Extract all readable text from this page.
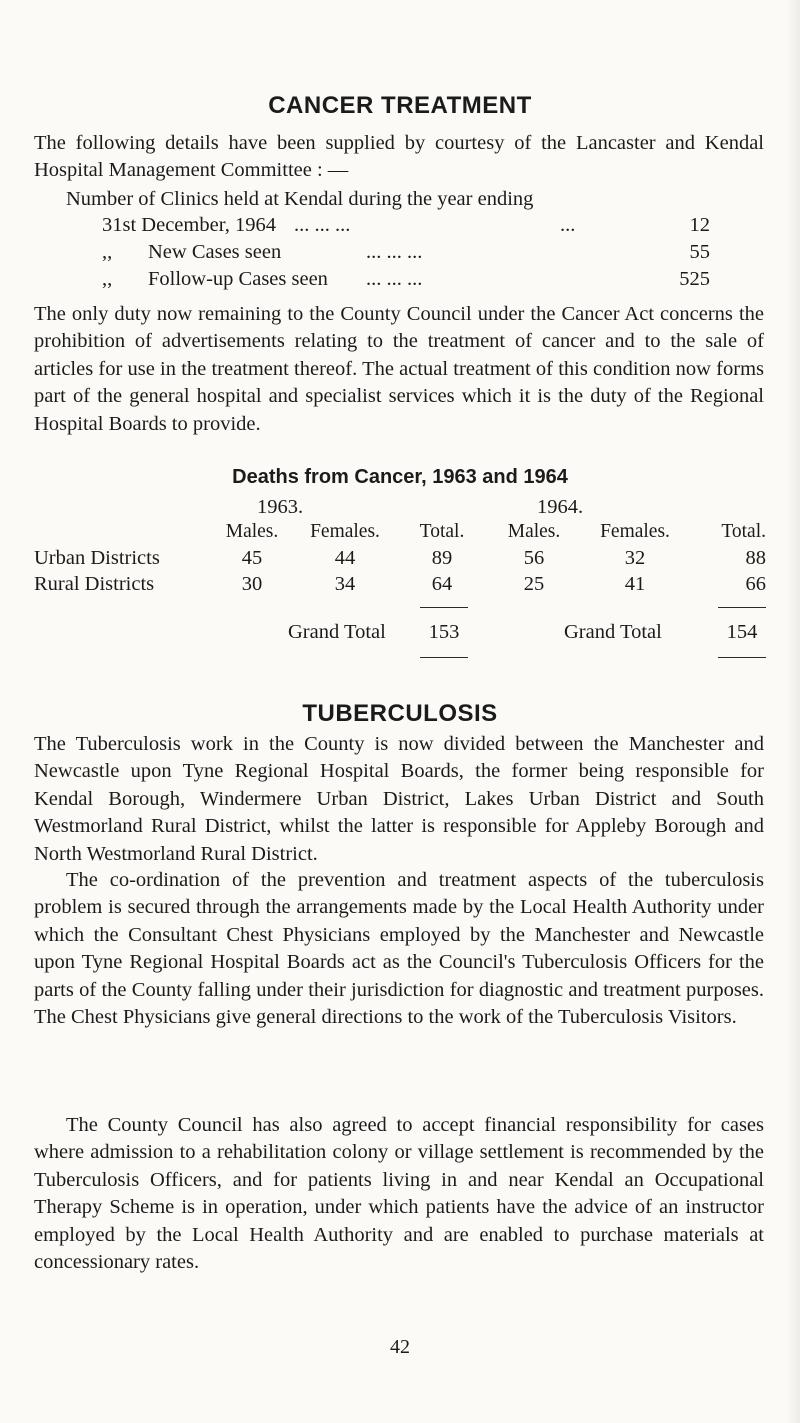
CANCER TREATMENT

The following details have been supplied by courtesy of the Lancaster and Kendal Hospital Management Committee : —

Number of Clinics held at Kendal during the year ending
31st December, 1964 ... ... ...	...	12
,, New Cases seen	... ... ...	55
,, Follow-up Cases seen ... ... ...	525

The only duty now remaining to the County Council under the Cancer Act concerns the prohibition of advertisements relating to the treatment of cancer and to the sale of articles for use in the treatment thereof. The actual treatment of this condition now forms part of the general hospital and specialist services which it is the duty of the Regional Hospital Boards to provide.

Deaths from Cancer, 1963 and 1964
1963.	1964.
Males.	Females.	Total.	Males.	Females.	Total.
Urban Districts	45	44	89	56	32	88
Rural Districts	30	34	64	25	41	66
Grand Total	153	Grand Total	154
TUBERCULOSIS

The Tuberculosis work in the County is now divided between the Manchester and Newcastle upon Tyne Regional Hospital Boards, the former being responsible for Kendal Borough, Windermere Urban District, Lakes Urban District and South Westmorland Rural District, whilst the latter is responsible for Appleby Borough and North Westmorland Rural District.

The co-ordination of the prevention and treatment aspects of the tuberculosis problem is secured through the arrangements made by the Local Health Authority under which the Consultant Chest Physicians employed by the Manchester and Newcastle upon Tyne Regional Hospital Boards act as the Council's Tuberculosis Officers for the parts of the County falling under their jurisdiction for diagnostic and treatment purposes. The Chest Physicians give general directions to the work of the Tuberculosis Visitors.

The County Council has also agreed to accept financial responsibility for cases where admission to a rehabilitation colony or village settlement is recommended by the Tuberculosis Officers, and for patients living in and near Kendal an Occupational Therapy Scheme is in operation, under which patients have the advice of an instructor employed by the Local Health Authority and are enabled to purchase materials at concessionary rates.

42
